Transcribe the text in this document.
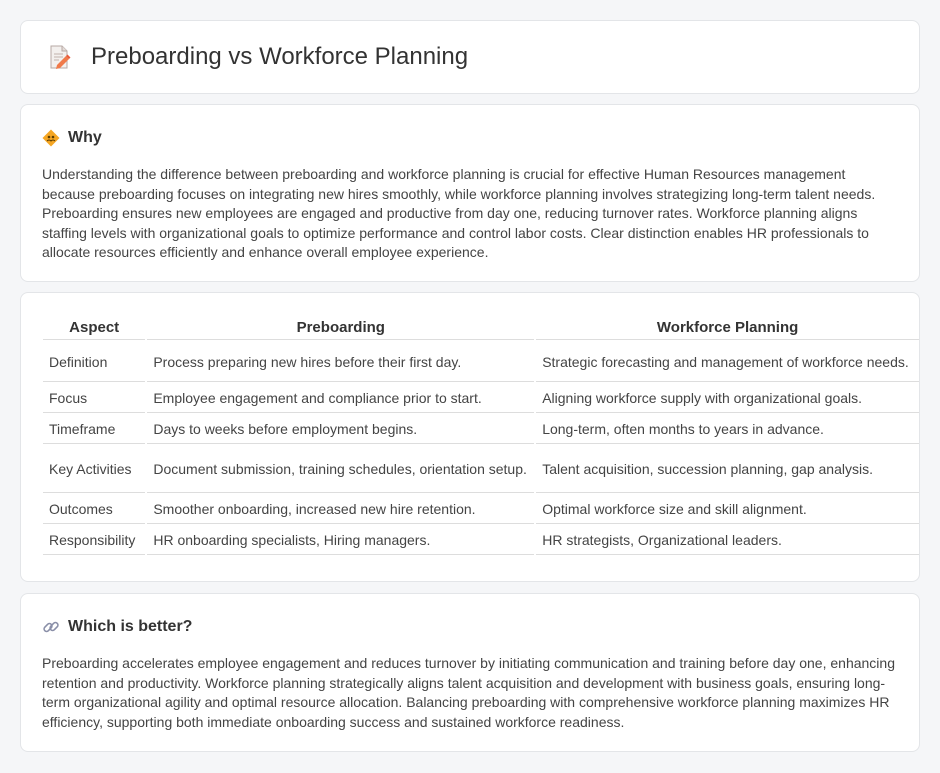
Preboarding vs Workforce Planning
Why

Understanding the difference between preboarding and workforce planning is crucial for effective Human Resources management because preboarding focuses on integrating new hires smoothly, while workforce planning involves strategizing long-term talent needs. Preboarding ensures new employees are engaged and productive from day one, reducing turnover rates. Workforce planning aligns staffing levels with organizational goals to optimize performance and control labor costs. Clear distinction enables HR professionals to allocate resources efficiently and enhance overall employee experience.

Aspect	Preboarding	Workforce Planning
Definition	Process preparing new hires before their first day.	Strategic forecasting and management of workforce needs.
Focus	Employee engagement and compliance prior to start.	Aligning workforce supply with organizational goals.
Timeframe	Days to weeks before employment begins.	Long-term, often months to years in advance.
Key Activities	Document submission, training schedules, orientation setup.	Talent acquisition, succession planning, gap analysis.
Outcomes	Smoother onboarding, increased new hire retention.	Optimal workforce size and skill alignment.
Responsibility	HR onboarding specialists, Hiring managers.	HR strategists, Organizational leaders.
Which is better?

Preboarding accelerates employee engagement and reduces turnover by initiating communication and training before day one, enhancing retention and productivity. Workforce planning strategically aligns talent acquisition and development with business goals, ensuring long-term organizational agility and optimal resource allocation. Balancing preboarding with comprehensive workforce planning maximizes HR efficiency, supporting both immediate onboarding success and sustained workforce readiness.
